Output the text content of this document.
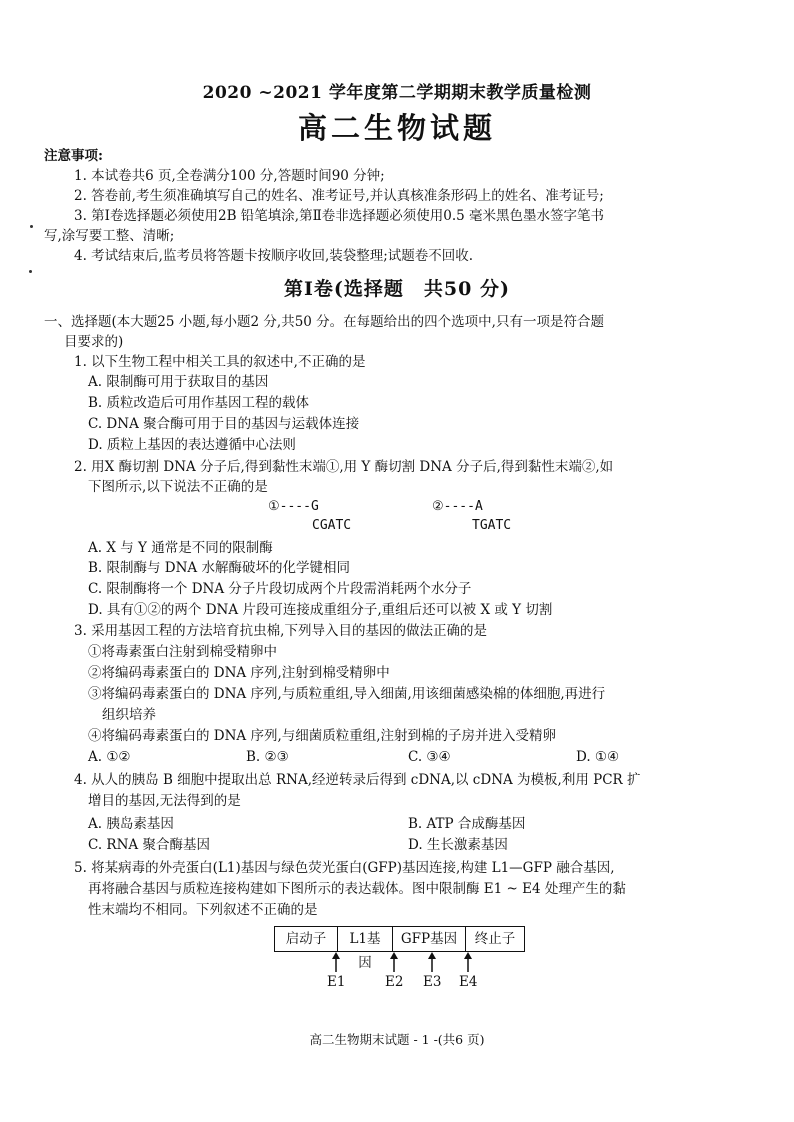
2020 ~2021 学年度第二学期期末教学质量检测
高二生物试题
注意事项:
1. 本试卷共6 页,全卷满分100 分,答题时间90 分钟;
2. 答卷前,考生须准确填写自己的姓名、准考证号,并认真核准条形码上的姓名、准考证号;
3. 第Ⅰ卷选择题必须使用2B 铅笔填涂,第Ⅱ卷非选择题必须使用0.5 毫米黑色墨水签字笔书
写,涂写要工整、清晰;
4. 考试结束后,监考员将答题卡按顺序收回,装袋整理;试题卷不回收.
第Ⅰ卷(选择题　共50 分)
一、选择题(本大题25 小题,每小题2 分,共50 分。在每题给出的四个选项中,只有一项是符合题
目要求的)
1. 以下生物工程中相关工具的叙述中,不正确的是
A. 限制酶可用于获取目的基因
B. 质粒改造后可用作基因工程的载体
C. DNA 聚合酶可用于目的基因与运载体连接
D. 质粒上基因的表达遵循中心法则
2. 用X 酶切割 DNA 分子后,得到黏性末端①,用 Y 酶切割 DNA 分子后,得到黏性末端②,如
下图所示,以下说法不正确的是
①----G
CGATC
②----A
TGATC
A. X 与 Y 通常是不同的限制酶
B. 限制酶与 DNA 水解酶破坏的化学键相同
C. 限制酶将一个 DNA 分子片段切成两个片段需消耗两个水分子
D. 具有①②的两个 DNA 片段可连接成重组分子,重组后还可以被 X 或 Y 切割
3. 采用基因工程的方法培育抗虫棉,下列导入目的基因的做法正确的是
①将毒素蛋白注射到棉受精卵中
②将编码毒素蛋白的 DNA 序列,注射到棉受精卵中
③将编码毒素蛋白的 DNA 序列,与质粒重组,导入细菌,用该细菌感染棉的体细胞,再进行
组织培养
④将编码毒素蛋白的 DNA 序列,与细菌质粒重组,注射到棉的子房并进入受精卵
A. ①②	B. ②③	C. ③④	D. ①④
4. 从人的胰岛 B 细胞中提取出总 RNA,经逆转录后得到 cDNA,以 cDNA 为模板,利用 PCR 扩
增目的基因,无法得到的是
A. 胰岛素基因	B. ATP 合成酶基因
C. RNA 聚合酶基因	D. 生长激素基因
5. 将某病毒的外壳蛋白(L1)基因与绿色荧光蛋白(GFP)基因连接,构建 L1—GFP 融合基因,
再将融合基因与质粒连接构建如下图所示的表达载体。图中限制酶 E1 ~ E4 处理产生的黏
性末端均不相同。下列叙述不正确的是
启动子	L1基因
GFP基因	终止子
E1	E2 E3 E4
高二生物期末试题 - 1 -(共6 页)
